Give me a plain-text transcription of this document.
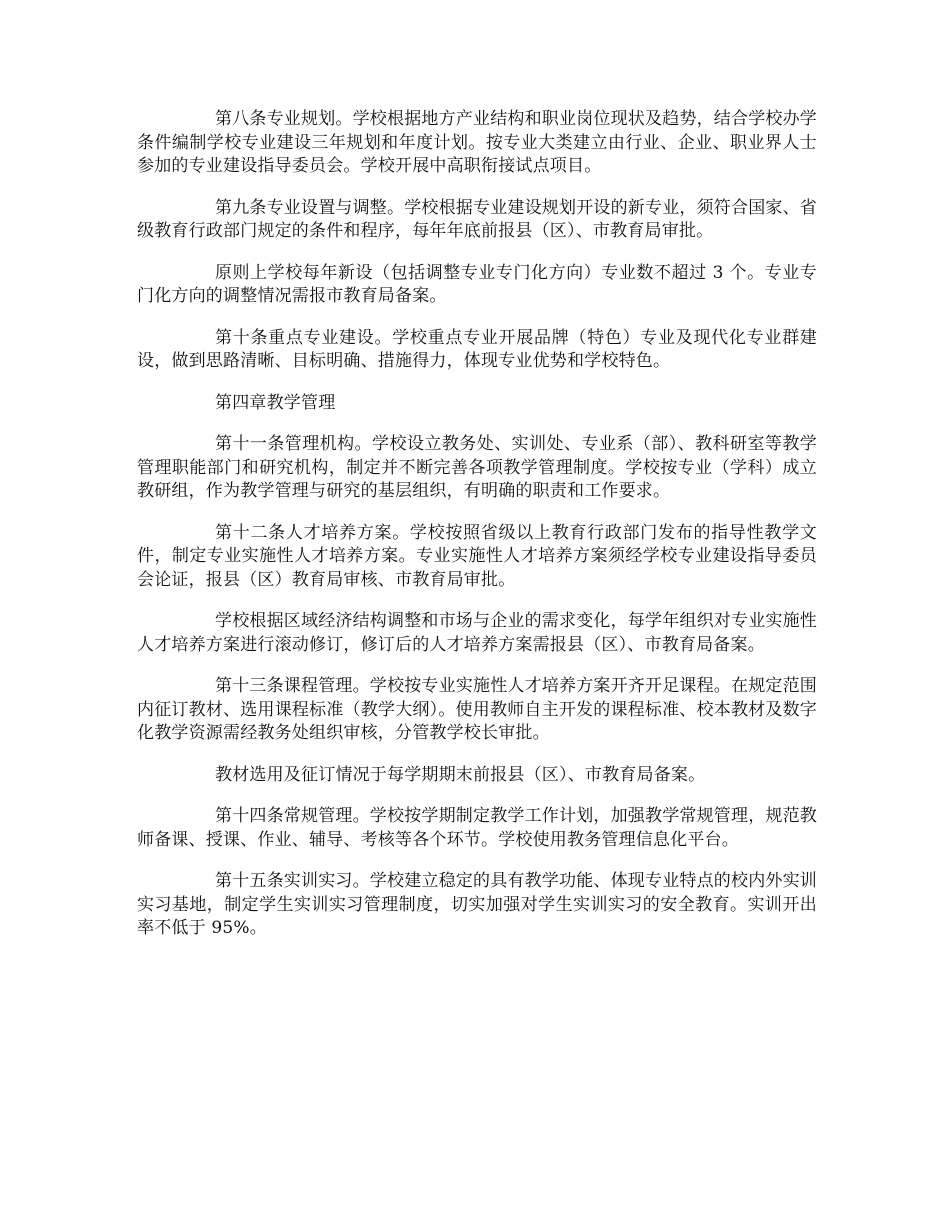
第八条专业规划。学校根据地方产业结构和职业岗位现状及趋势，结合学校办学条件编制学校专业建设三年规划和年度计划。按专业大类建立由行业、企业、职业界人士参加的专业建设指导委员会。学校开展中高职衔接试点项目。

第九条专业设置与调整。学校根据专业建设规划开设的新专业，须符合国家、省级教育行政部门规定的条件和程序，每年年底前报县（区）、市教育局审批。

原则上学校每年新设（包括调整专业专门化方向）专业数不超过 3 个。专业专门化方向的调整情况需报市教育局备案。

第十条重点专业建设。学校重点专业开展品牌（特色）专业及现代化专业群建设，做到思路清晰、目标明确、措施得力，体现专业优势和学校特色。

第四章教学管理

第十一条管理机构。学校设立教务处、实训处、专业系（部）、教科研室等教学管理职能部门和研究机构，制定并不断完善各项教学管理制度。学校按专业（学科）成立教研组，作为教学管理与研究的基层组织，有明确的职责和工作要求。

第十二条人才培养方案。学校按照省级以上教育行政部门发布的指导性教学文件，制定专业实施性人才培养方案。专业实施性人才培养方案须经学校专业建设指导委员会论证，报县（区）教育局审核、市教育局审批。

学校根据区域经济结构调整和市场与企业的需求变化，每学年组织对专业实施性人才培养方案进行滚动修订，修订后的人才培养方案需报县（区）、市教育局备案。

第十三条课程管理。学校按专业实施性人才培养方案开齐开足课程。在规定范围内征订教材、选用课程标准（教学大纲）。使用教师自主开发的课程标准、校本教材及数字化教学资源需经教务处组织审核，分管教学校长审批。

教材选用及征订情况于每学期期末前报县（区）、市教育局备案。

第十四条常规管理。学校按学期制定教学工作计划，加强教学常规管理，规范教师备课、授课、作业、辅导、考核等各个环节。学校使用教务管理信息化平台。

第十五条实训实习。学校建立稳定的具有教学功能、体现专业特点的校内外实训实习基地，制定学生实训实习管理制度，切实加强对学生实训实习的安全教育。实训开出率不低于 95%。
